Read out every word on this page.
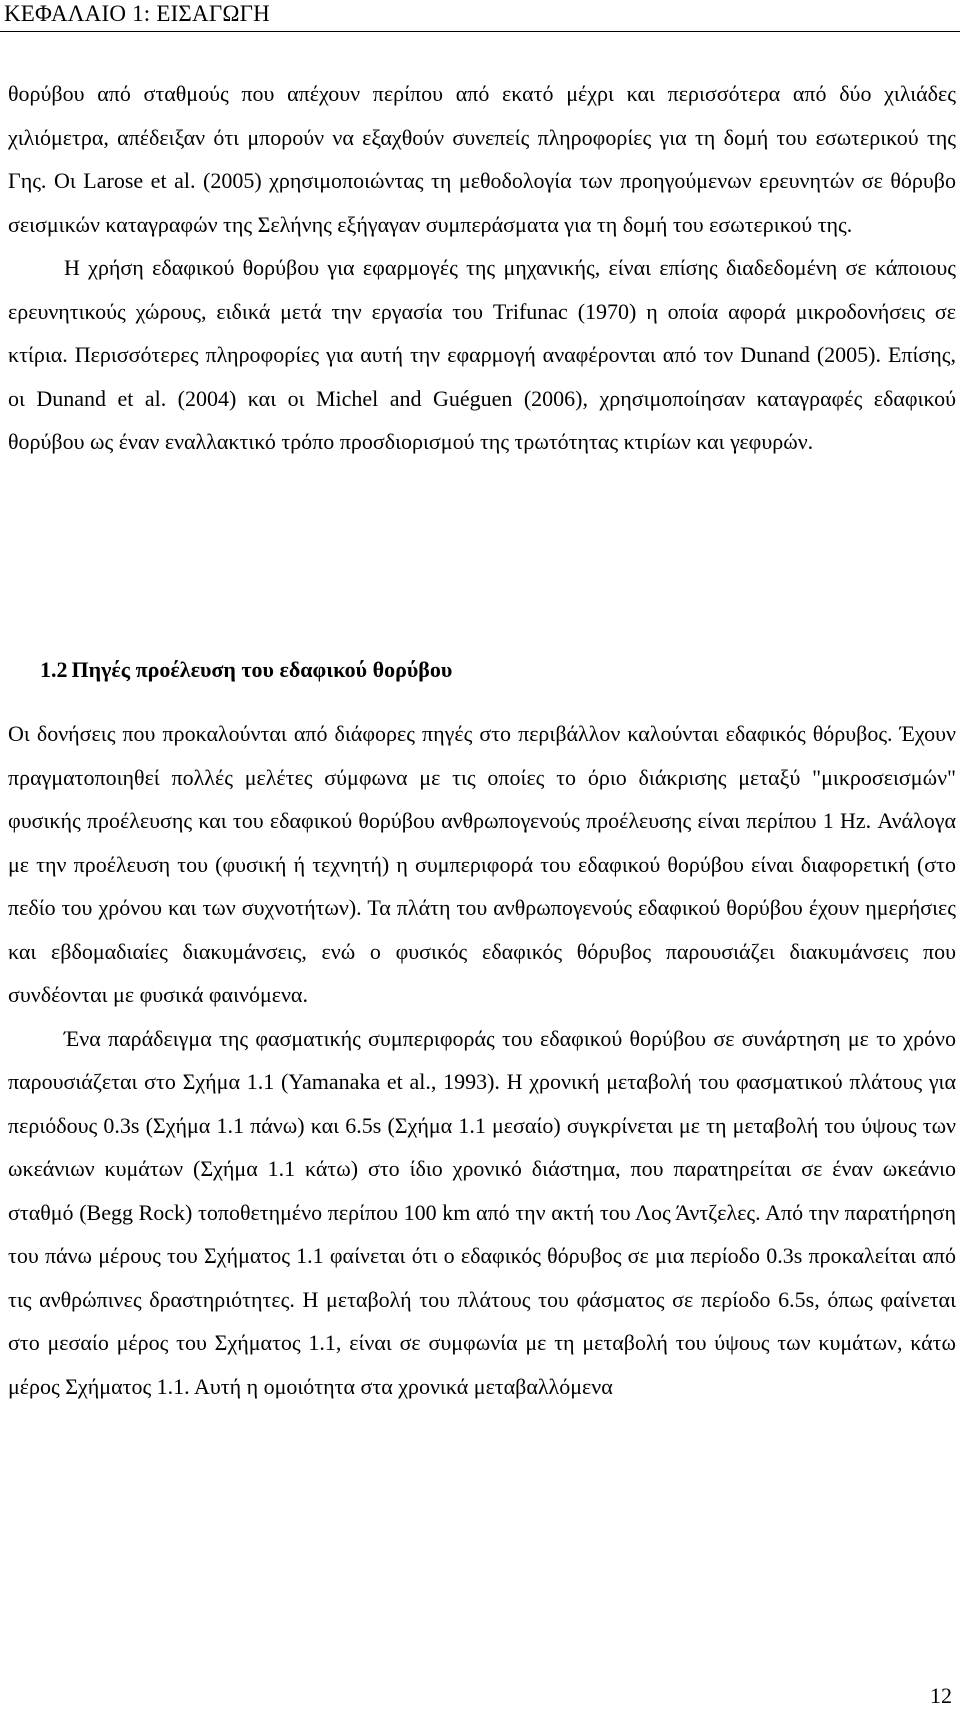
ΚΕΦΑΛΑΙΟ 1: ΕΙΣΑΓΩΓΗ

θορύβου από σταθμούς που απέχουν περίπου από εκατό μέχρι και περισσότερα από δύο χιλιάδες χιλιόμετρα, απέδειξαν ότι μπορούν να εξαχθούν συνεπείς πληροφορίες για τη δομή του εσωτερικού της Γης. Οι Larose et al. (2005) χρησιμοποιώντας τη μεθοδολογία των προηγούμενων ερευνητών σε θόρυβο σεισμικών καταγραφών της Σελήνης εξήγαγαν συμπεράσματα για τη δομή του εσωτερικού της.

Η χρήση εδαφικού θορύβου για εφαρμογές της μηχανικής, είναι επίσης διαδεδομένη σε κάποιους ερευνητικούς χώρους, ειδικά μετά την εργασία του Trifunac (1970) η οποία αφορά μικροδονήσεις σε κτίρια. Περισσότερες πληροφορίες για αυτή την εφαρμογή αναφέρονται από τον Dunand (2005). Επίσης, οι Dunand et al. (2004) και οι Michel and Guéguen (2006), χρησιμοποίησαν καταγραφές εδαφικού θορύβου ως έναν εναλλακτικό τρόπο προσδιορισμού της τρωτότητας κτιρίων και γεφυρών.

1.2 Πηγές προέλευση του εδαφικού θορύβου

Οι δονήσεις που προκαλούνται από διάφορες πηγές στο περιβάλλον καλούνται εδαφικός θόρυβος. Έχουν πραγματοποιηθεί πολλές μελέτες σύμφωνα με τις οποίες το όριο διάκρισης μεταξύ "μικροσεισμών" φυσικής προέλευσης και του εδαφικού θορύβου ανθρωπογενούς προέλευσης είναι περίπου 1 Hz. Ανάλογα με την προέλευση του (φυσική ή τεχνητή) η συμπεριφορά του εδαφικού θορύβου είναι διαφορετική (στο πεδίο του χρόνου και των συχνοτήτων). Τα πλάτη του ανθρωπογενούς εδαφικού θορύβου έχουν ημερήσιες και εβδομαδιαίες διακυμάνσεις, ενώ ο φυσικός εδαφικός θόρυβος παρουσιάζει διακυμάνσεις που συνδέονται με φυσικά φαινόμενα.

Ένα παράδειγμα της φασματικής συμπεριφοράς του εδαφικού θορύβου σε συνάρτηση με το χρόνο παρουσιάζεται στο Σχήμα 1.1 (Yamanaka et al., 1993). Η χρονική μεταβολή του φασματικού πλάτους για περιόδους 0.3s (Σχήμα 1.1 πάνω) και 6.5s (Σχήμα 1.1 μεσαίο) συγκρίνεται με τη μεταβολή του ύψους των ωκεάνιων κυμάτων (Σχήμα 1.1 κάτω) στο ίδιο χρονικό διάστημα, που παρατηρείται σε έναν ωκεάνιο σταθμό (Begg Rock) τοποθετημένο περίπου 100 km από την ακτή του Λος Άντζελες. Από την παρατήρηση του πάνω μέρους του Σχήματος 1.1 φαίνεται ότι ο εδαφικός θόρυβος σε μια περίοδο 0.3s προκαλείται από τις ανθρώπινες δραστηριότητες. Η μεταβολή του πλάτους του φάσματος σε περίοδο 6.5s, όπως φαίνεται στο μεσαίο μέρος του Σχήματος 1.1, είναι σε συμφωνία με τη μεταβολή του ύψους των κυμάτων, κάτω μέρος Σχήματος 1.1. Αυτή η ομοιότητα στα χρονικά μεταβαλλόμενα

12
